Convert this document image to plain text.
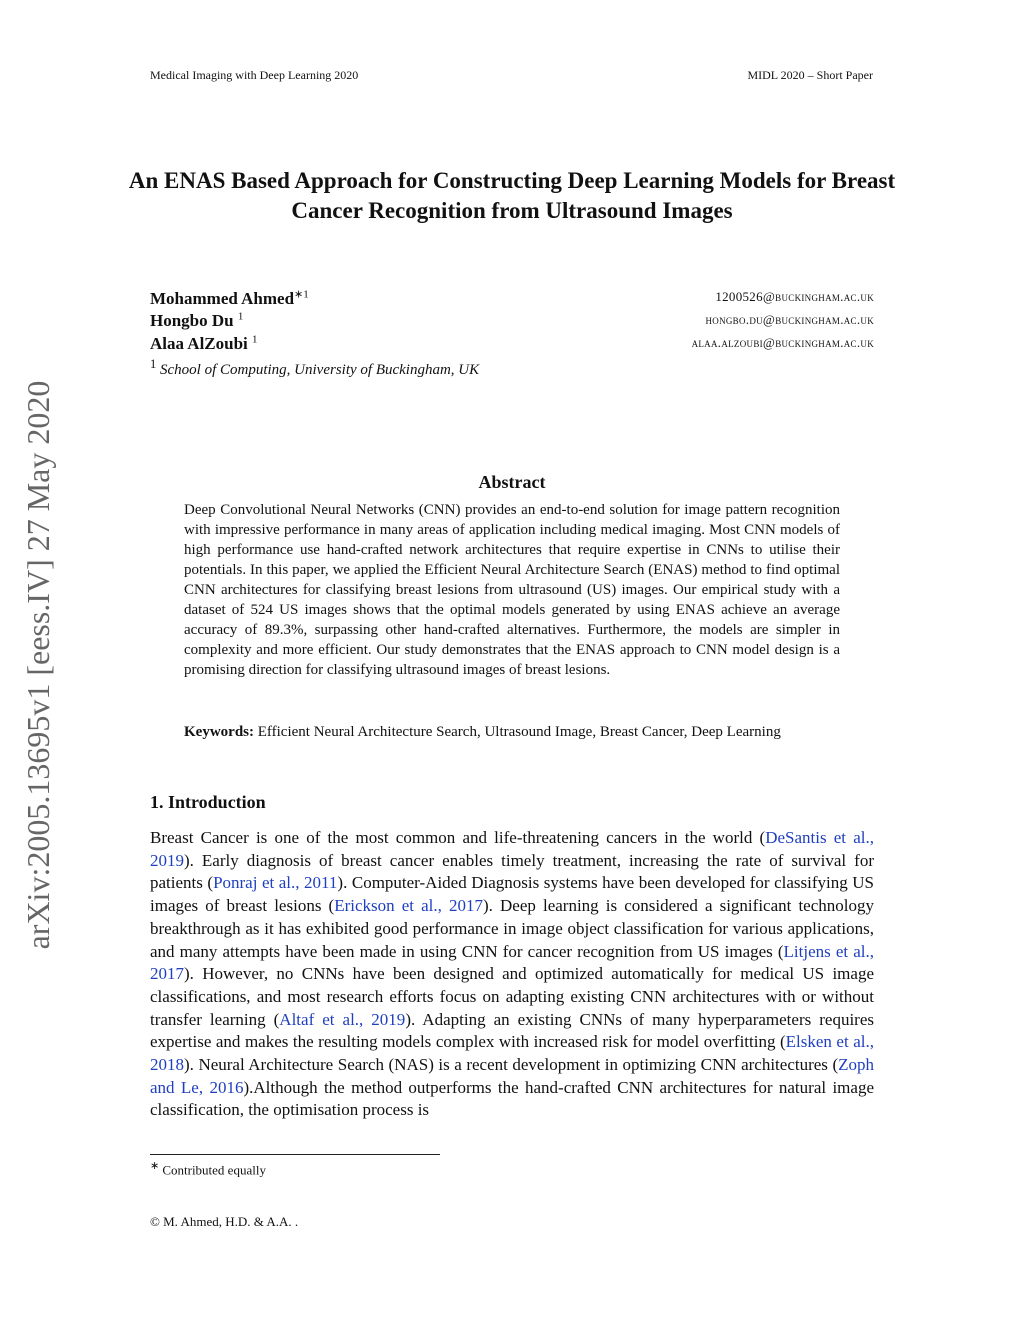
Medical Imaging with Deep Learning 2020	MIDL 2020 – Short Paper
arXiv:2005.13695v1 [eess.IV] 27 May 2020
An ENAS Based Approach for Constructing Deep Learning Models for Breast Cancer Recognition from Ultrasound Images
Mohammed Ahmed$^{∗1}$	1200526@buckingham.ac.uk
Hongbo Du $^1$	hongbo.du@buckingham.ac.uk
Alaa AlZoubi $^1$	alaa.alzoubi@buckingham.ac.uk
$^1$ School of Computing, University of Buckingham, UK
Abstract
Deep Convolutional Neural Networks (CNN) provides an end-to-end solution for image pattern recognition with impressive performance in many areas of application including medical imaging. Most CNN models of high performance use hand-crafted network architectures that require expertise in CNNs to utilise their potentials. In this paper, we applied the Efficient Neural Architecture Search (ENAS) method to find optimal CNN architectures for classifying breast lesions from ultrasound (US) images. Our empirical study with a dataset of 524 US images shows that the optimal models generated by using ENAS achieve an average accuracy of 89.3%, surpassing other hand-crafted alternatives. Furthermore, the models are simpler in complexity and more efficient. Our study demonstrates that the ENAS approach to CNN model design is a promising direction for classifying ultrasound images of breast lesions.
Keywords: Efficient Neural Architecture Search, Ultrasound Image, Breast Cancer, Deep Learning
1. Introduction
Breast Cancer is one of the most common and life-threatening cancers in the world (DeSantis et al., 2019). Early diagnosis of breast cancer enables timely treatment, increasing the rate of survival for patients (Ponraj et al., 2011). Computer-Aided Diagnosis systems have been developed for classifying US images of breast lesions (Erickson et al., 2017). Deep learning is considered a significant technology breakthrough as it has exhibited good performance in image object classification for various applications, and many attempts have been made in using CNN for cancer recognition from US images (Litjens et al., 2017). However, no CNNs have been designed and optimized automatically for medical US image classifications, and most research efforts focus on adapting existing CNN architectures with or without transfer learning (Altaf et al., 2019). Adapting an existing CNNs of many hyperparameters requires expertise and makes the resulting models complex with increased risk for model overfitting (Elsken et al., 2018). Neural Architecture Search (NAS) is a recent development in optimizing CNN architectures (Zoph and Le, 2016).Although the method outperforms the hand-crafted CNN architectures for natural image classification, the optimisation process is
∗ Contributed equally
© M. Ahmed, H.D. & A.A. .
